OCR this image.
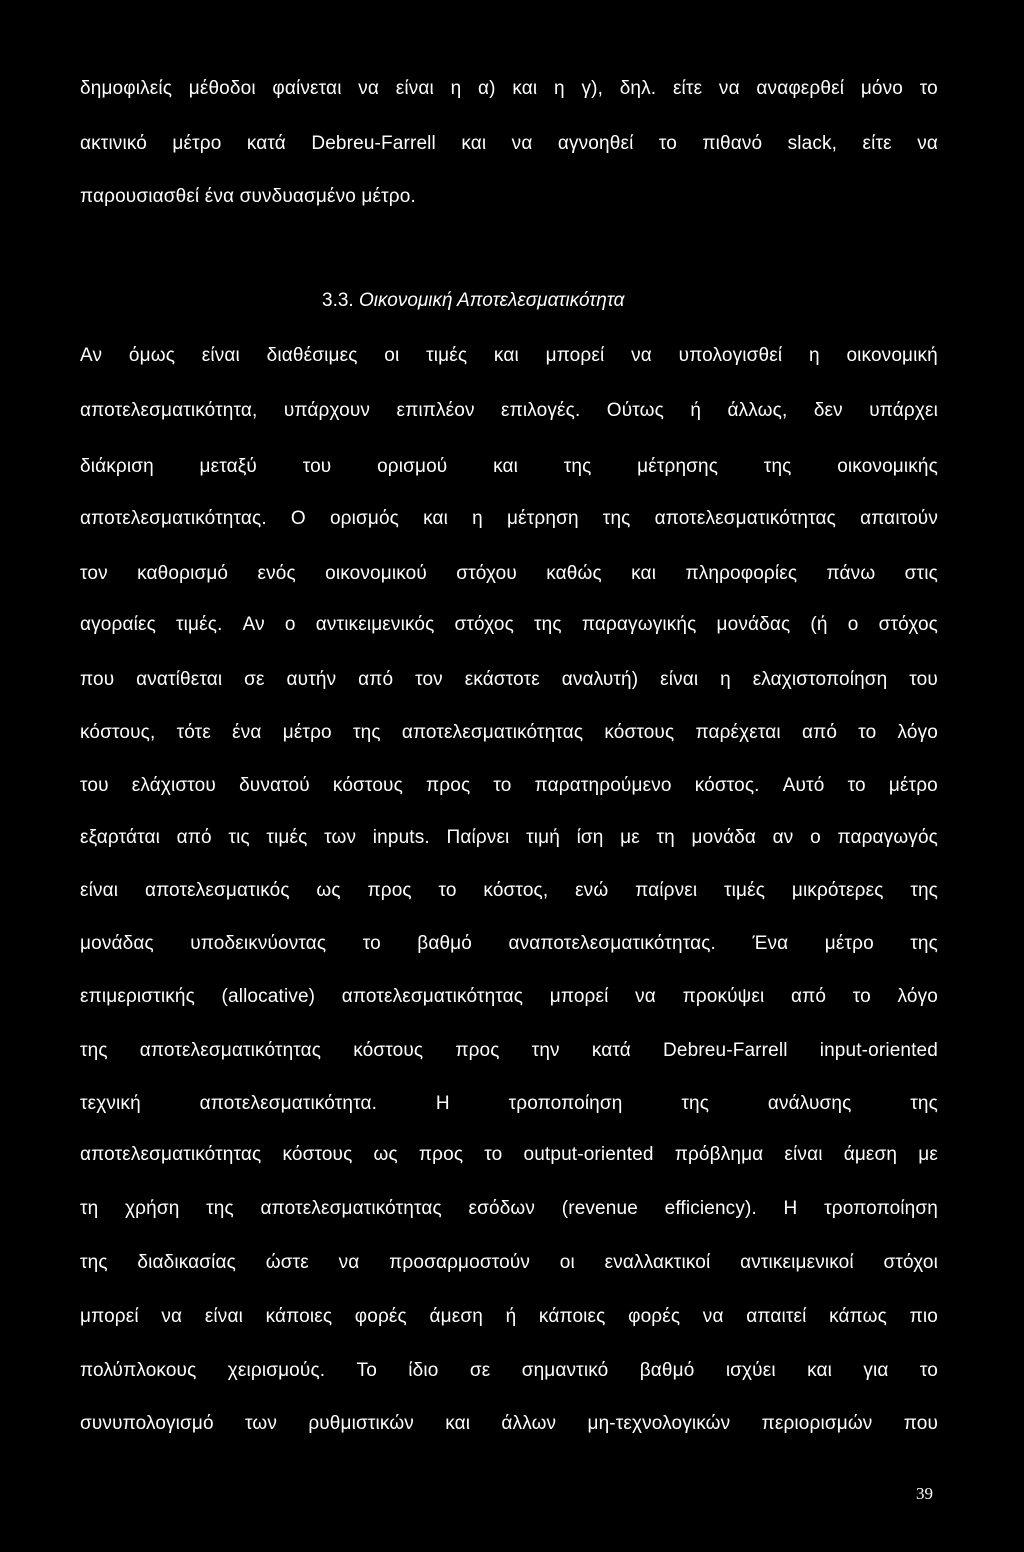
δημοφιλείς μέθοδοι φαίνεται να είναι η α) και η γ), δηλ. είτε να αναφερθεί μόνο το
ακτινικό μέτρο κατά Debreu-Farrell και να αγνοηθεί το πιθανό slack, είτε να
παρουσιασθεί ένα συνδυασμένο μέτρο.
3.3. Οικονομική Αποτελεσματικότητα
Αν όμως είναι διαθέσιμες οι τιμές και μπορεί να υπολογισθεί η οικονομική
αποτελεσματικότητα, υπάρχουν επιπλέον επιλογές. Ούτως ή άλλως, δεν υπάρχει
διάκριση μεταξύ του ορισμού και της μέτρησης της οικονομικής
αποτελεσματικότητας. Ο ορισμός και η μέτρηση της αποτελεσματικότητας απαιτούν
τον καθορισμό ενός οικονομικού στόχου καθώς και πληροφορίες πάνω στις
αγοραίες τιμές. Αν ο αντικειμενικός στόχος της παραγωγικής μονάδας (ή ο στόχος
που ανατίθεται σε αυτήν από τον εκάστοτε αναλυτή) είναι η ελαχιστοποίηση του
κόστους, τότε ένα μέτρο της αποτελεσματικότητας κόστους παρέχεται από το λόγο
του ελάχιστου δυνατού κόστους προς το παρατηρούμενο κόστος. Αυτό το μέτρο
εξαρτάται από τις τιμές των inputs. Παίρνει τιμή ίση με τη μονάδα αν ο παραγωγός
είναι αποτελεσματικός ως προς το κόστος, ενώ παίρνει τιμές μικρότερες της
μονάδας υποδεικνύοντας το βαθμό αναποτελεσματικότητας. Ένα μέτρο της
επιμεριστικής (allocative) αποτελεσματικότητας μπορεί να προκύψει από το λόγο
της αποτελεσματικότητας κόστους προς την κατά Debreu-Farrell input-oriented
τεχνική	αποτελεσματικότητα.	Η	τροποποίηση	της	ανάλυσης	της
αποτελεσματικότητας κόστους ως προς το output-oriented πρόβλημα είναι άμεση με
τη χρήση της αποτελεσματικότητας εσόδων (revenue efficiency). Η τροποποίηση
της διαδικασίας ώστε να προσαρμοστούν οι εναλλακτικοί αντικειμενικοί στόχοι
μπορεί να είναι κάποιες φορές άμεση ή κάποιες φορές να απαιτεί κάπως πιο
πολύπλοκους χειρισμούς. Το ίδιο σε σημαντικό βαθμό ισχύει και για το
συνυπολογισμό των ρυθμιστικών και άλλων μη-τεχνολογικών περιορισμών που
39
